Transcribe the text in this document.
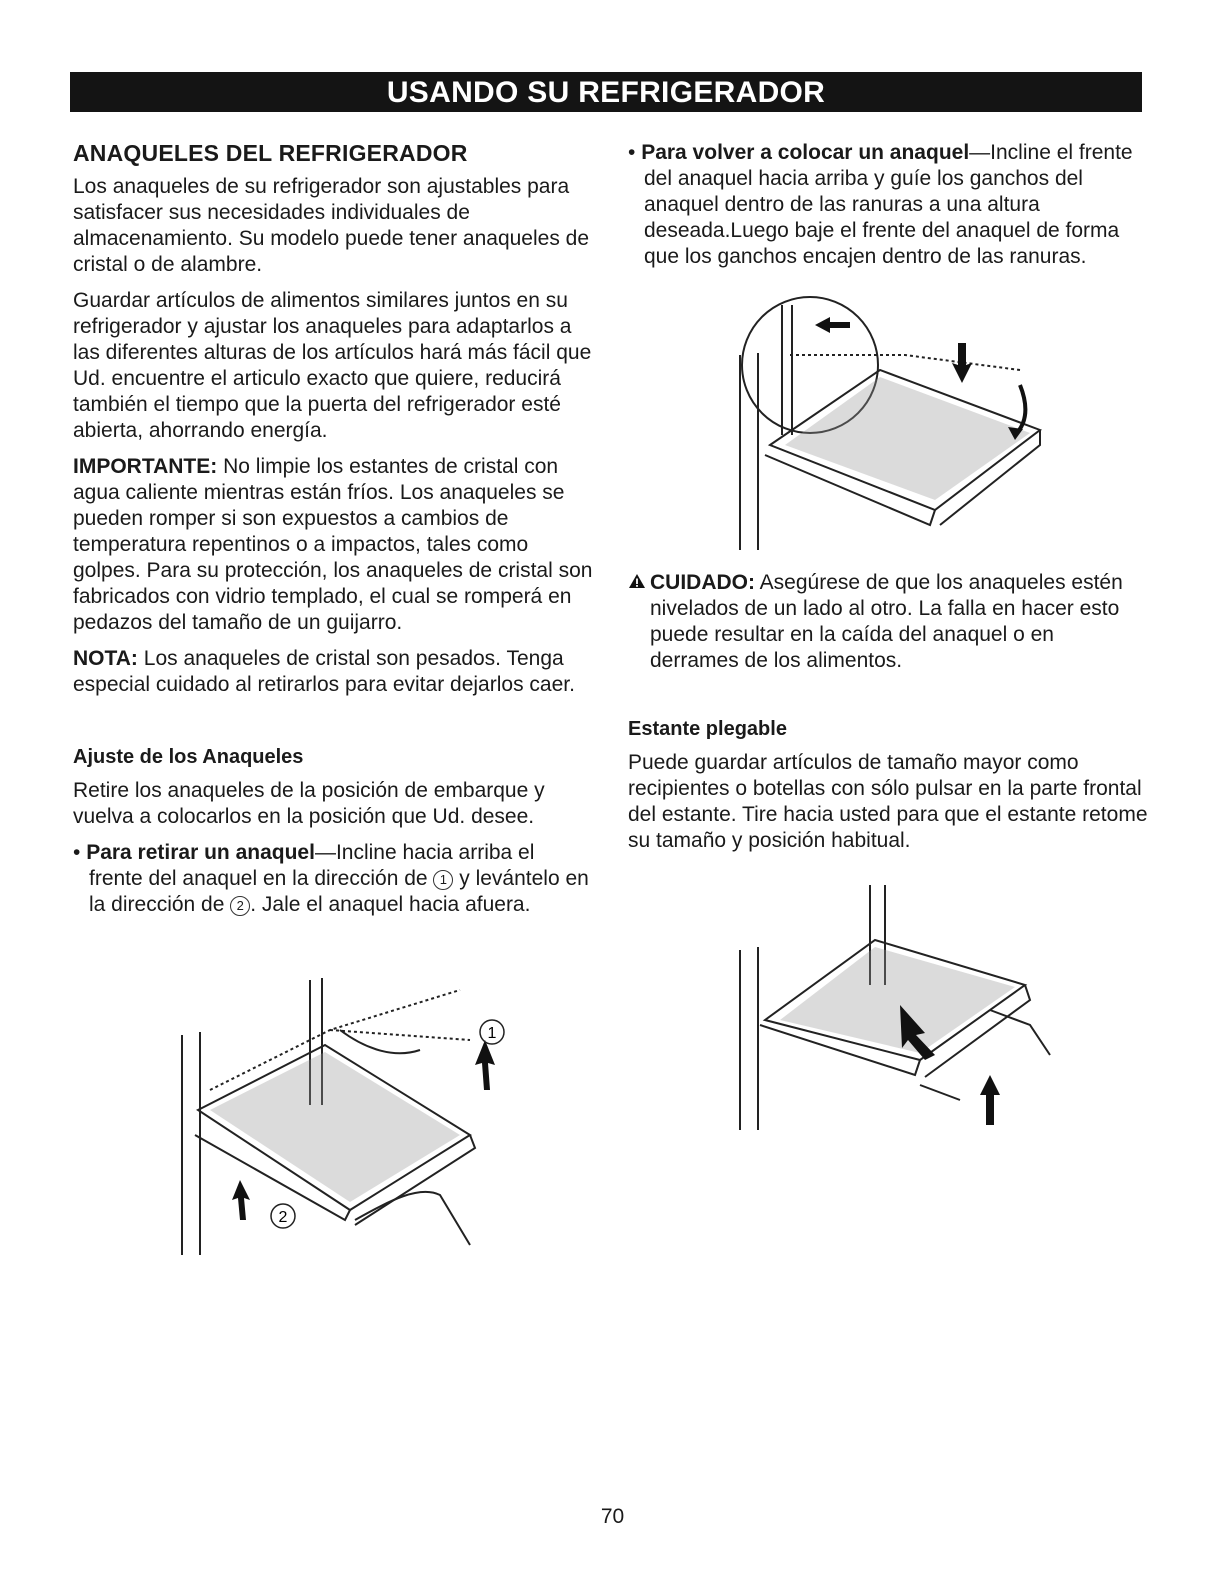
USANDO SU REFRIGERADOR
ANAQUELES DEL REFRIGERADOR

Los anaqueles de su refrigerador son ajustables para satisfacer sus necesidades individuales de almacenamiento. Su modelo puede tener anaqueles de cristal o de alambre.

Guardar artículos de alimentos similares juntos en su refrigerador y ajustar los anaqueles para adaptarlos a las diferentes alturas de los artículos hará más fácil que Ud. encuentre el articulo exacto que quiere, reducirá también el tiempo que la puerta del refrigerador esté abierta, ahorrando energía.

IMPORTANTE: No limpie los estantes de cristal con agua caliente mientras están fríos. Los anaqueles se pueden romper si son expuestos a cambios de temperatura repentinos o a impactos, tales como golpes. Para su protección, los anaqueles de cristal son fabricados con vidrio templado, el cual se romperá en pedazos del tamaño de un guijarro.

NOTA: Los anaqueles de cristal son pesados. Tenga especial cuidado al retirarlos para evitar dejarlos caer.

Ajuste de los Anaqueles

Retire los anaqueles de la posición de embarque y vuelva a colocarlos en la posición que Ud. desee.

• Para retirar un anaquel—Incline hacia arriba el frente del anaquel en la dirección de 1 y levántelo en la dirección de 2 . Jale el anaquel hacia afuera.

• Para volver a colocar un anaquel—Incline el frente del anaquel hacia arriba y guíe los ganchos del anaquel dentro de las ranuras a una altura deseada.Luego baje el frente del anaquel de forma que los ganchos encajen dentro de las ranuras.

CUIDADO: Asegúrese de que los anaqueles estén nivelados de un lado al otro. La falla en hacer esto puede resultar en la caída del anaquel o en derrames de los alimentos.

Estante plegable

Puede guardar artículos de tamaño mayor como recipientes o botellas con sólo pulsar en la parte frontal del estante. Tire hacia usted para que el estante retome su tamaño y posición habitual.

1
2
70
